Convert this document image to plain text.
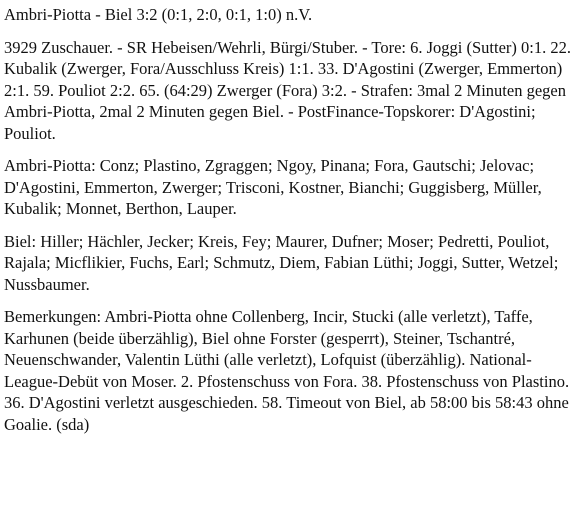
Ambri-Piotta - Biel 3:2 (0:1, 2:0, 0:1, 1:0) n.V.

3929 Zuschauer. - SR Hebeisen/Wehrli, Bürgi/Stuber. - Tore: 6. Joggi (Sutter) 0:1. 22. Kubalik (Zwerger, Fora/Ausschluss Kreis) 1:1. 33. D'Agostini (Zwerger, Emmerton) 2:1. 59. Pouliot 2:2. 65. (64:29) Zwerger (Fora) 3:2. - Strafen: 3mal 2 Minuten gegen Ambri-Piotta, 2mal 2 Minuten gegen Biel. - PostFinance-Topskorer: D'Agostini; Pouliot.

Ambri-Piotta: Conz; Plastino, Zgraggen; Ngoy, Pinana; Fora, Gautschi; Jelovac; D'Agostini, Emmerton, Zwerger; Trisconi, Kostner, Bianchi; Guggisberg, Müller, Kubalik; Monnet, Berthon, Lauper.

Biel: Hiller; Hächler, Jecker; Kreis, Fey; Maurer, Dufner; Moser; Pedretti, Pouliot, Rajala; Micflikier, Fuchs, Earl; Schmutz, Diem, Fabian Lüthi; Joggi, Sutter, Wetzel; Nussbaumer.

Bemerkungen: Ambri-Piotta ohne Collenberg, Incir, Stucki (alle verletzt), Taffe, Karhunen (beide überzählig), Biel ohne Forster (gesperrt), Steiner, Tschantré, Neuenschwander, Valentin Lüthi (alle verletzt), Lofquist (überzählig). National-League-Debüt von Moser. 2. Pfostenschuss von Fora. 38. Pfostenschuss von Plastino. 36. D'Agostini verletzt ausgeschieden. 58. Timeout von Biel, ab 58:00 bis 58:43 ohne Goalie. (sda)
